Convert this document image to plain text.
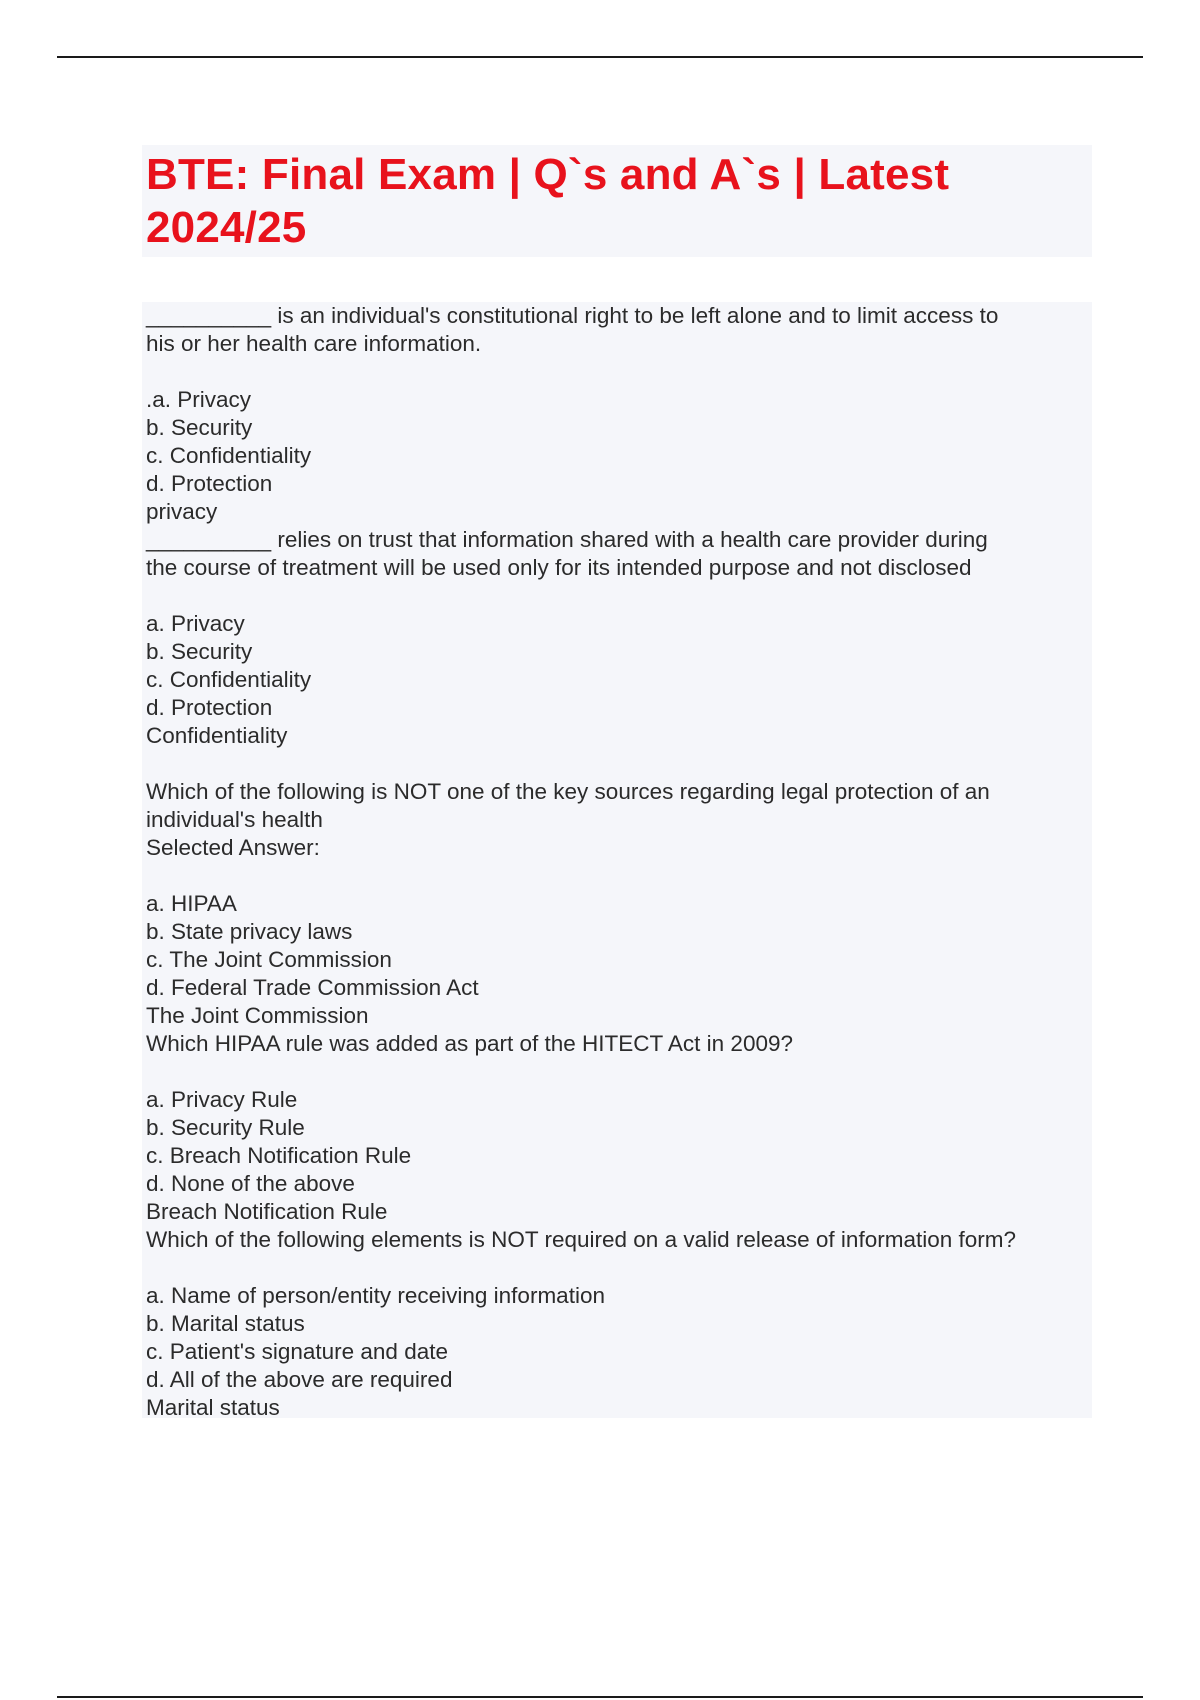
BTE: Final Exam | Q`s and A`s | Latest 2024/25
__________ is an individual's constitutional right to be left alone and to limit access to
his or her health care information.
.a. Privacy
b. Security
c. Confidentiality
d. Protection
privacy
__________ relies on trust that information shared with a health care provider during
the course of treatment will be used only for its intended purpose and not disclosed
a. Privacy
b. Security
c. Confidentiality
d. Protection
Confidentiality
Which of the following is NOT one of the key sources regarding legal protection of an
individual's health
Selected Answer:
a. HIPAA
b. State privacy laws
c. The Joint Commission
d. Federal Trade Commission Act
The Joint Commission
Which HIPAA rule was added as part of the HITECT Act in 2009?
a. Privacy Rule
b. Security Rule
c. Breach Notification Rule
d. None of the above
Breach Notification Rule
Which of the following elements is NOT required on a valid release of information form?
a. Name of person/entity receiving information
b. Marital status
c. Patient's signature and date
d. All of the above are required
Marital status
